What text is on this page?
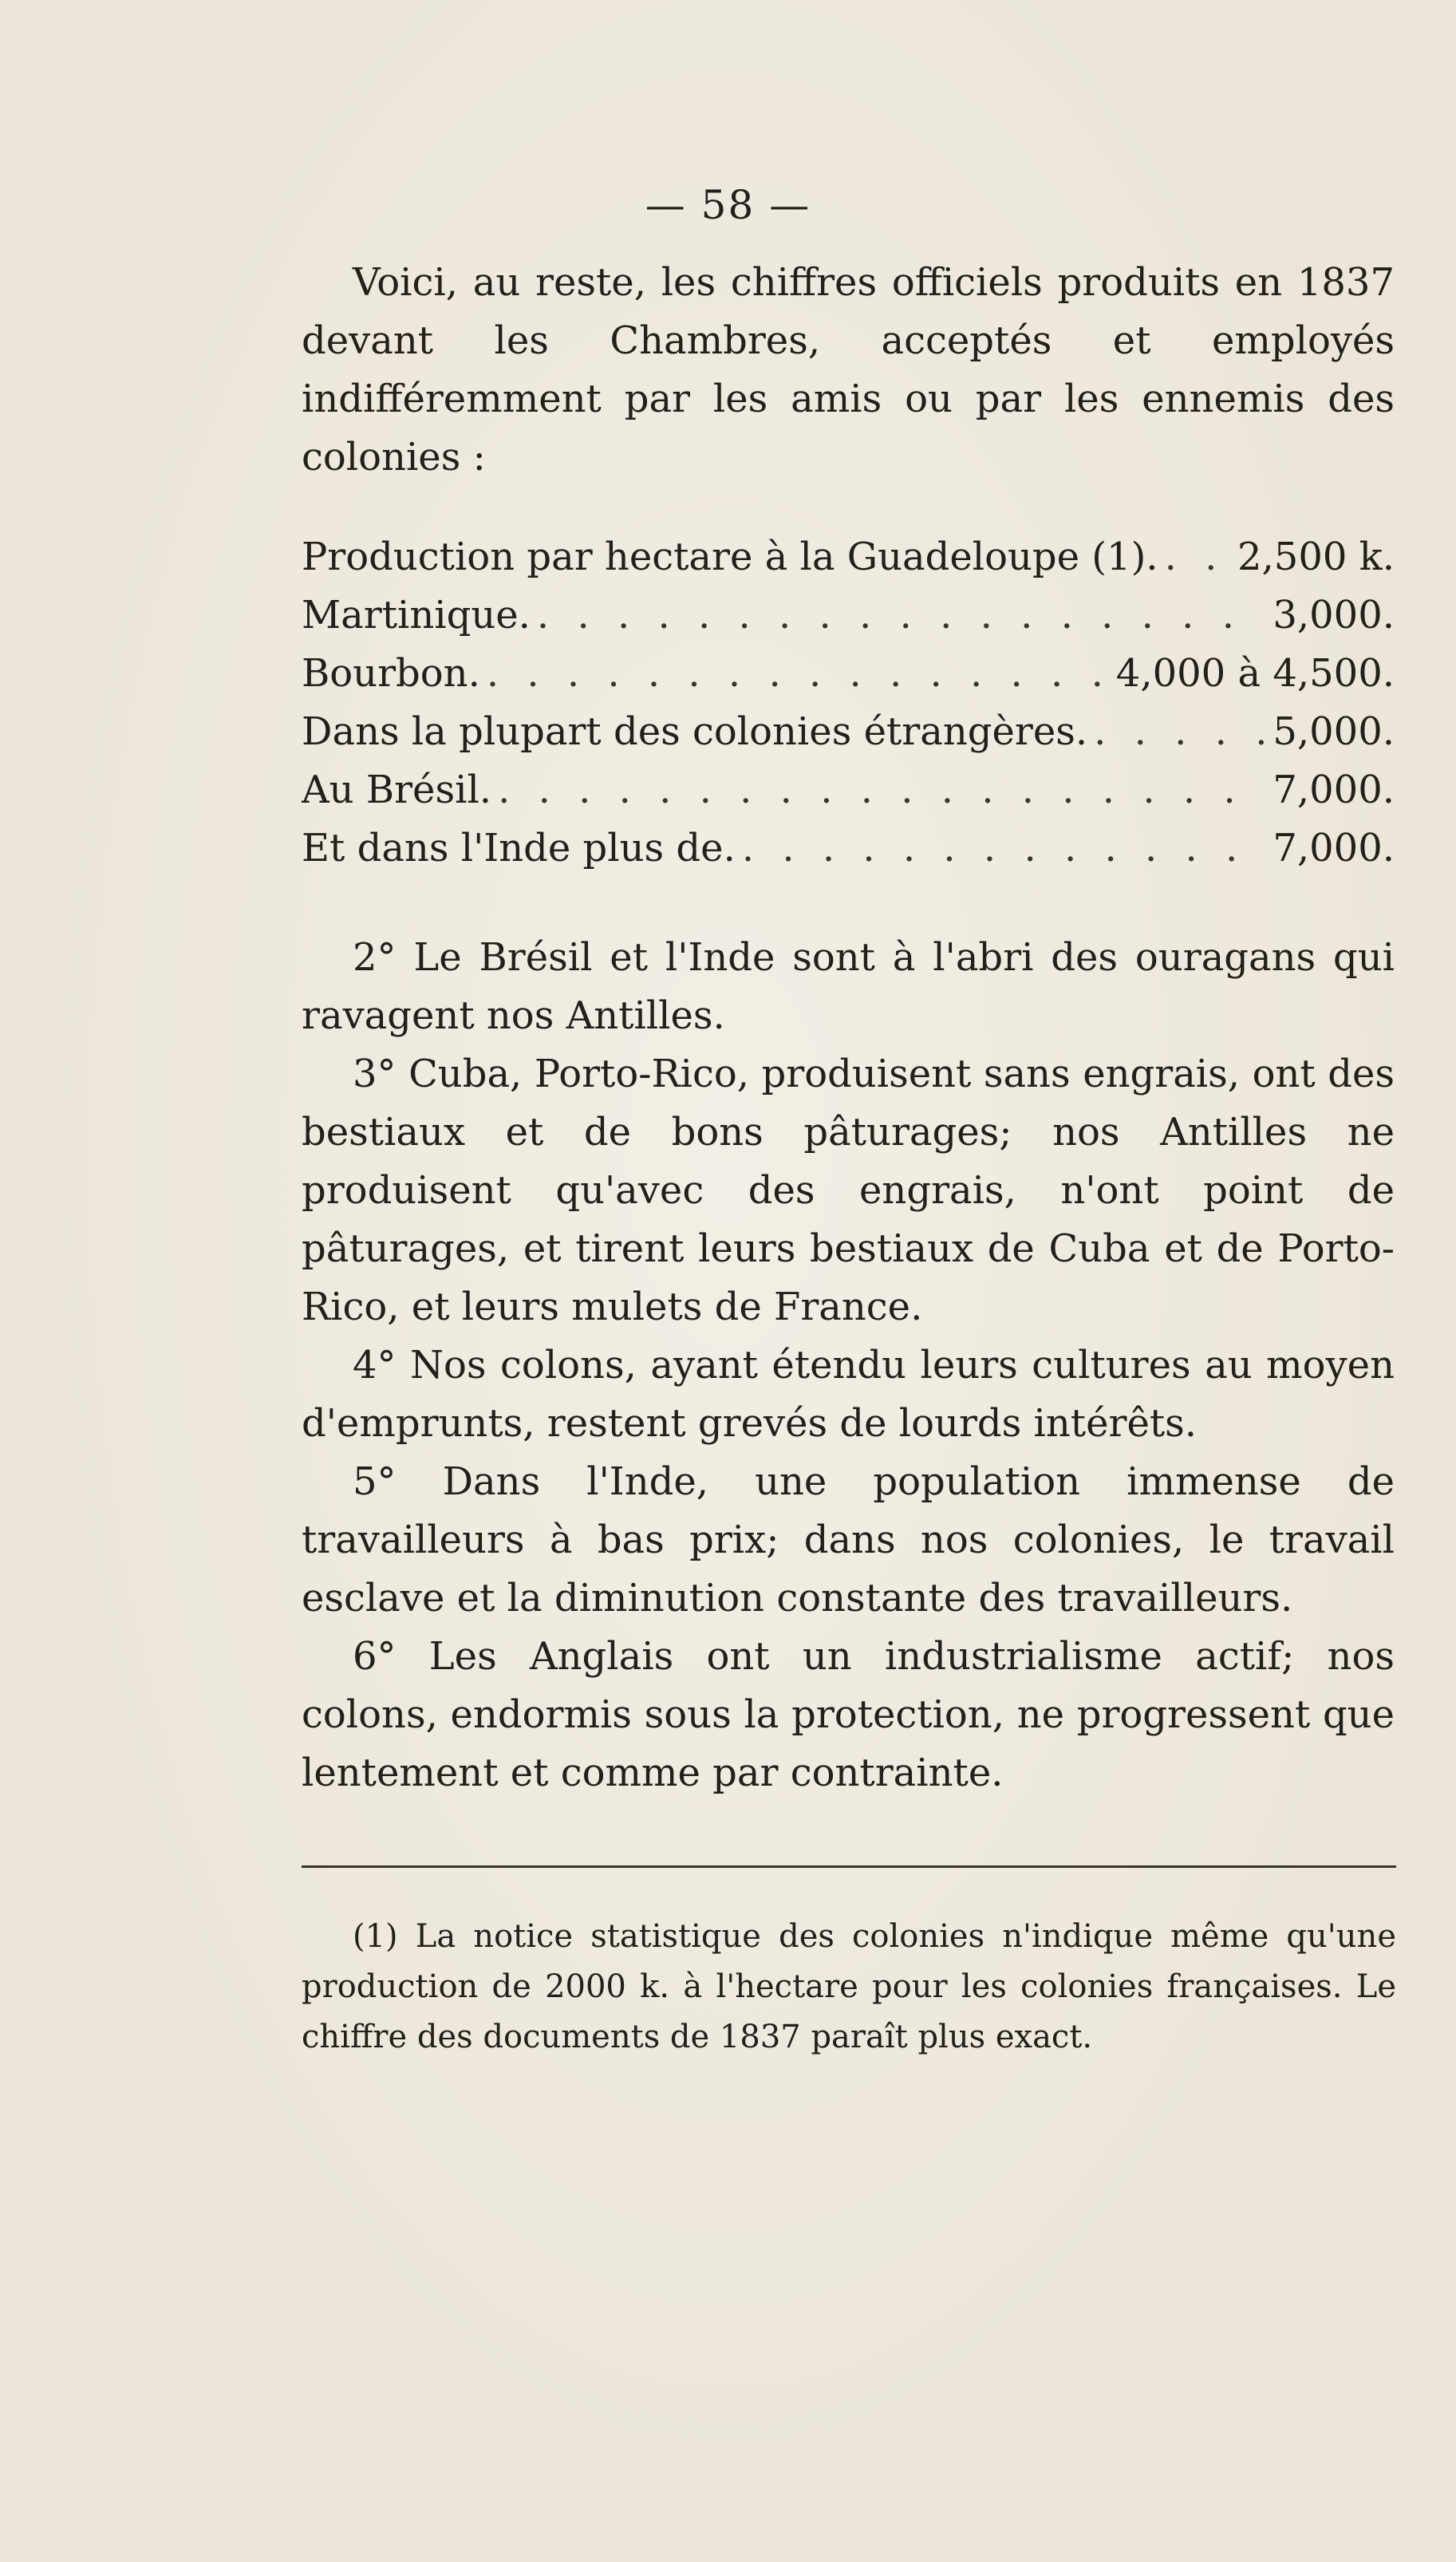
— 58 —

Voici, au reste, les chiffres officiels produits en 1837 devant les Chambres, acceptés et employés indifféremment par les amis ou par les ennemis des colonies :

Production par hectare à la Guadeloupe (1). . . . 2,500 k.
Martinique. . . .	3,000.
Bourbon. . . .	4,000 à 4,500.
Dans la plupart des colonies étrangères. . . .	5,000.
Au Brésil. . . .	7,000.
Et dans l'Inde plus de. . . .	7,000.

2° Le Brésil et l'Inde sont à l'abri des ouragans qui ravagent nos Antilles.

3° Cuba, Porto-Rico, produisent sans engrais, ont des bestiaux et de bons pâturages; nos Antilles ne produisent qu'avec des engrais, n'ont point de pâturages, et tirent leurs bestiaux de Cuba et de Porto-Rico, et leurs mulets de France.

4° Nos colons, ayant étendu leurs cultures au moyen d'emprunts, restent grevés de lourds intérêts.

5° Dans l'Inde, une population immense de travailleurs à bas prix; dans nos colonies, le travail esclave et la diminution constante des travailleurs.

6° Les Anglais ont un industrialisme actif; nos colons, endormis sous la protection, ne progressent que lentement et comme par contrainte.

(1) La notice statistique des colonies n'indique même qu'une production de 2000 k. à l'hectare pour les colonies françaises. Le chiffre des documents de 1837 paraît plus exact.
